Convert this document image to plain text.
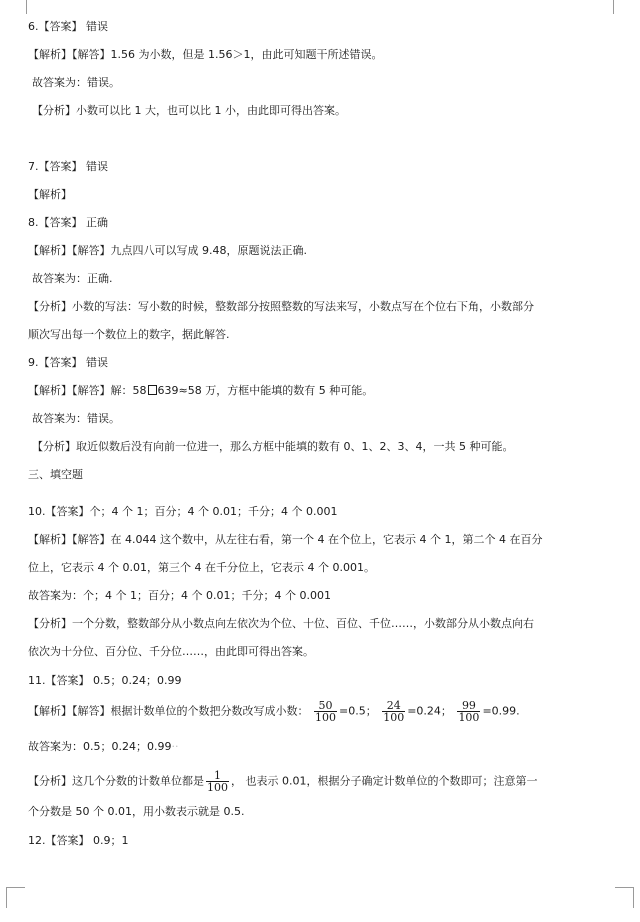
6.【答案】 错误
【解析】【解答】1.56 为小数，但是 1.56＞1，由此可知题干所述错误。
故答案为：错误。
【分析】小数可以比 1 大，也可以比 1 小，由此即可得出答案。
7.【答案】 错误
【解析】
8.【答案】 正确
【解析】【解答】九点四八可以写成 9.48，原题说法正确.
故答案为：正确.
【分析】小数的写法：写小数的时候，整数部分按照整数的写法来写，小数点写在个位右下角，小数部分
顺次写出每一个数位上的数字，据此解答.
9.【答案】 错误
【解析】【解答】解：58 639≈58 万，方框中能填的数有 5 种可能。
故答案为：错误。
【分析】取近似数后没有向前一位进一，那么方框中能填的数有 0、1、2、3、4，一共 5 种可能。
三、填空题
10.【答案】个；4 个 1；百分；4 个 0.01；千分；4 个 0.001
【解析】【解答】在 4.044 这个数中，从左往右看，第一个 4 在个位上，它表示 4 个 1，第二个 4 在百分
位上，它表示 4 个 0.01，第三个 4 在千分位上，它表示 4 个 0.001。
故答案为：个；4 个 1；百分；4 个 0.01；千分；4 个 0.001
【分析】一个分数，整数部分从小数点向左依次为个位、十位、百位、千位……，小数部分从小数点向右
依次为十分位、百分位、千分位……，由此即可得出答案。
11.【答案】 0.5；0.24；0.99
【解析】【解答】根据计数单位的个数把分数改写成小数： $\frac{50}{100} =0.5$； $\frac{24}{100} =0.24$； $\frac{99}{100} =0.99$.
故答案为：0.5；0.24；0.99··
【分析】这几个分数的计数单位都是 $\frac{1}{100}$ ， 也表示 0.01，根据分子确定计数单位的个数即可；注意第一
个分数是 50 个 0.01，用小数表示就是 0.5.
12.【答案】 0.9；1
